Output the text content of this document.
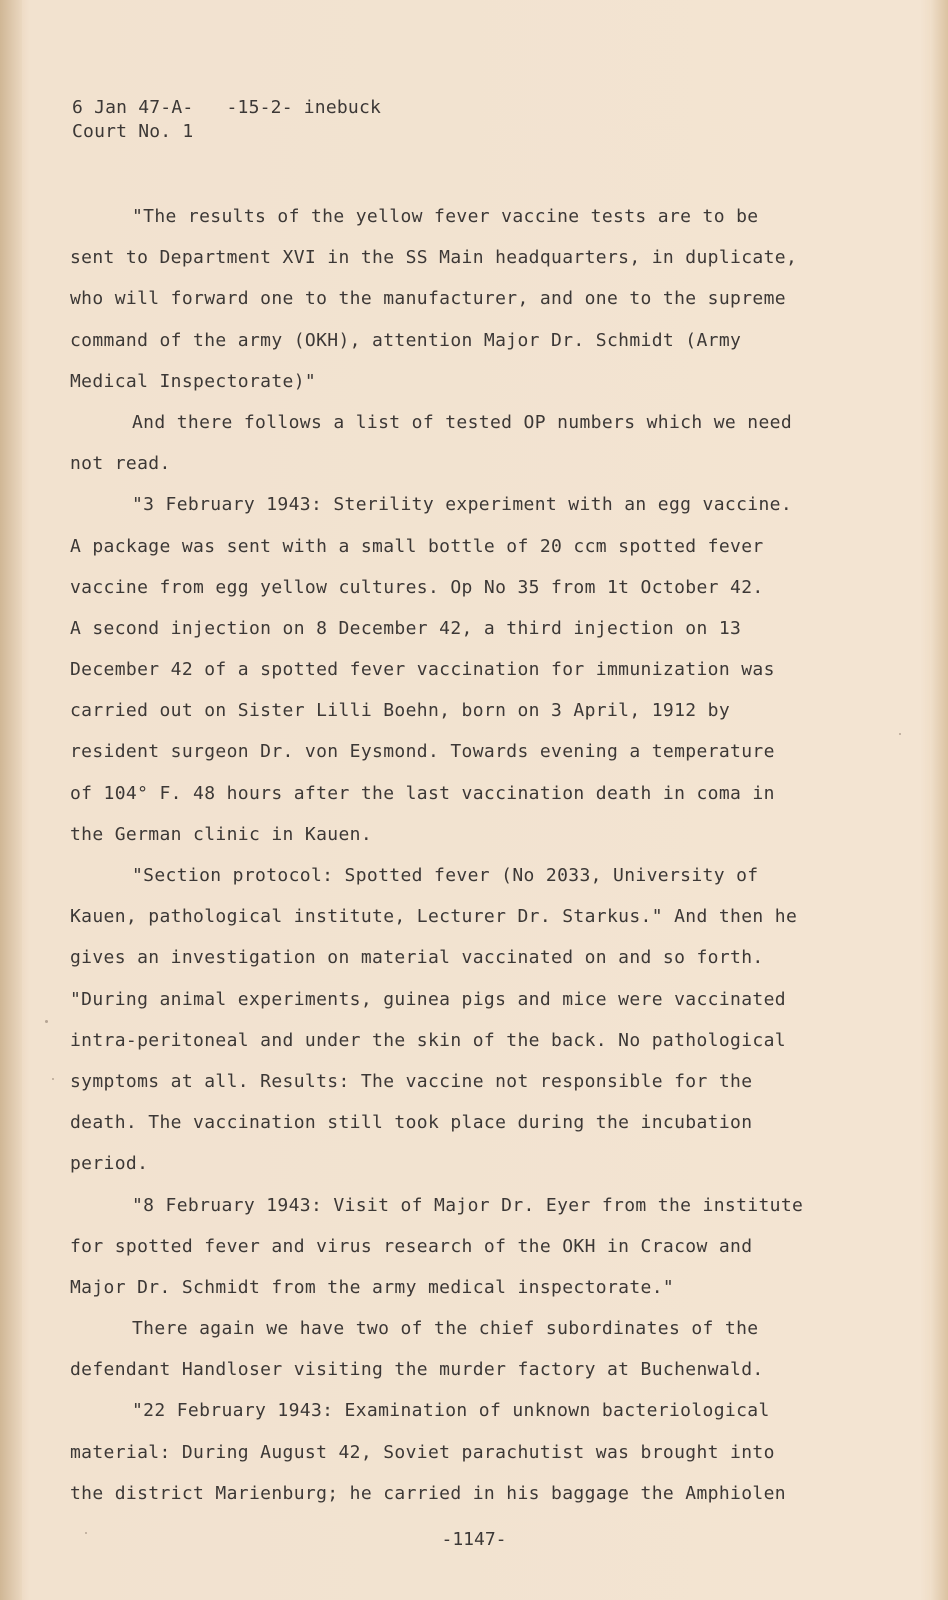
6 Jan 47-A-   -15-2- inebuck
Court No. 1
"The results of the yellow fever vaccine tests are to be
sent to Department XVI in the SS Main headquarters, in duplicate,
who will forward one to the manufacturer, and one to the supreme
command of the army (OKH), attention Major Dr. Schmidt (Army
Medical Inspectorate)"
And there follows a list of tested OP numbers which we need
not read.
"3 February 1943: Sterility experiment with an egg vaccine.
A package was sent with a small bottle of 20 ccm spotted fever
vaccine from egg yellow cultures. Op No 35 from 1t October 42.
A second injection on 8 December 42, a third injection on 13
December 42 of a spotted fever vaccination for immunization was
carried out on Sister Lilli Boehn, born on 3 April, 1912 by
resident surgeon Dr. von Eysmond. Towards evening a temperature
of 104° F. 48 hours after the last vaccination death in coma in
the German clinic in Kauen.
"Section protocol: Spotted fever (No 2033, University of
Kauen, pathological institute, Lecturer Dr. Starkus." And then he
gives an investigation on material vaccinated on and so forth.
"During animal experiments, guinea pigs and mice were vaccinated
intra-peritoneal and under the skin of the back. No pathological
symptoms at all. Results: The vaccine not responsible for the
death. The vaccination still took place during the incubation
period.
"8 February 1943: Visit of Major Dr. Eyer from the institute
for spotted fever and virus research of the OKH in Cracow and
Major Dr. Schmidt from the army medical inspectorate."
There again we have two of the chief subordinates of the
defendant Handloser visiting the murder factory at Buchenwald.
"22 February 1943: Examination of unknown bacteriological
material: During August 42, Soviet parachutist was brought into
the district Marienburg; he carried in his baggage the Amphiolen
-1147-
